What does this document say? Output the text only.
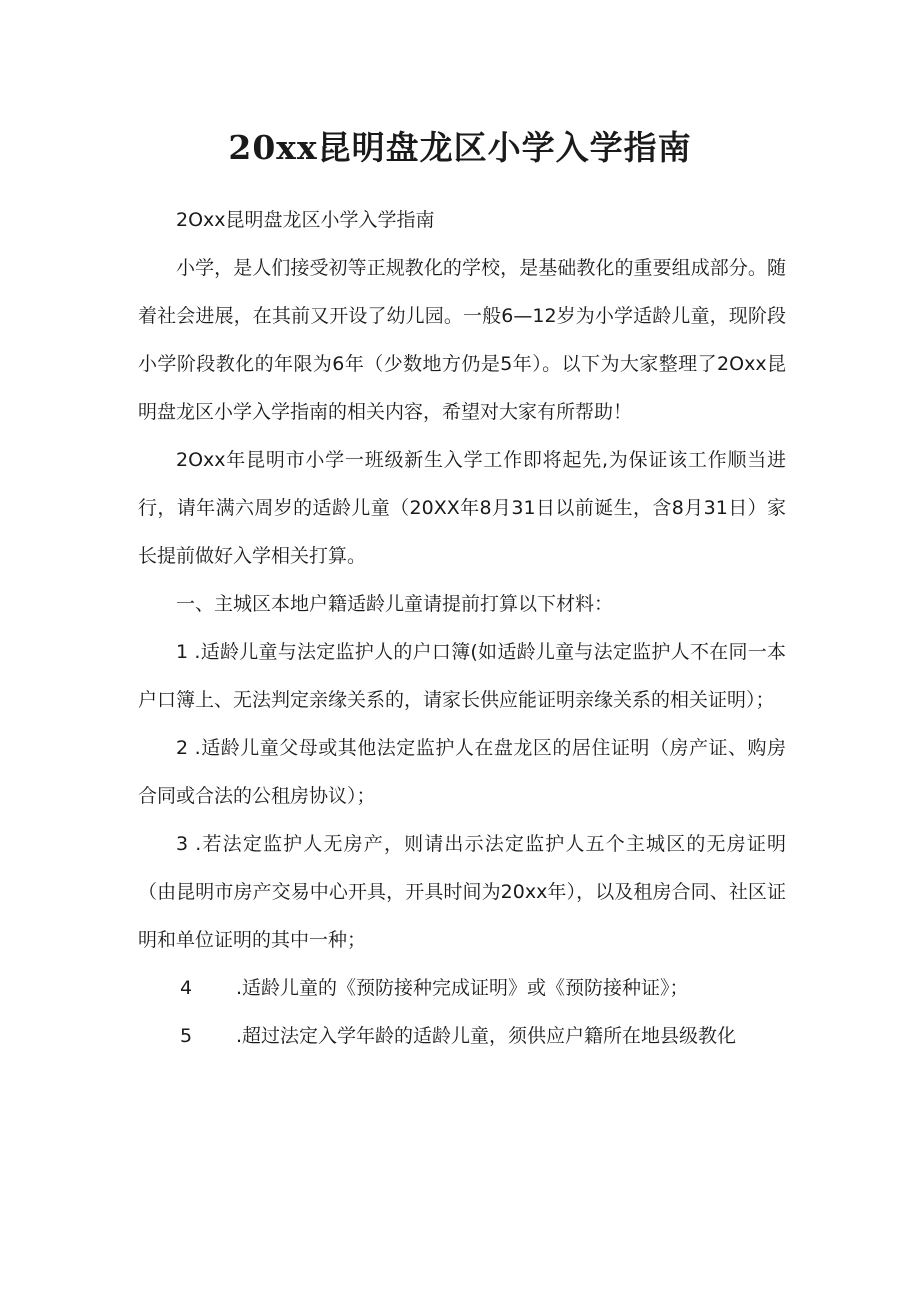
20xx昆明盘龙区小学入学指南

2Oxx昆明盘龙区小学入学指南

小学，是人们接受初等正规教化的学校，是基础教化的重要组成部分。随着社会进展，在其前又开设了幼儿园。一般6—12岁为小学适龄儿童，现阶段小学阶段教化的年限为6年（少数地方仍是5年）。以下为大家整理了2Oxx昆明盘龙区小学入学指南的相关内容，希望对大家有所帮助！

2Oxx年昆明市小学一班级新生入学工作即将起先,为保证该工作顺当进行，请年满六周岁的适龄儿童（20XX年8月31日以前诞生，含8月31日）家长提前做好入学相关打算。

一、主城区本地户籍适龄儿童请提前打算以下材料：

1 .适龄儿童与法定监护人的户口簿(如适龄儿童与法定监护人不在同一本户口簿上、无法判定亲缘关系的，请家长供应能证明亲缘关系的相关证明）；

2 .适龄儿童父母或其他法定监护人在盘龙区的居住证明（房产证、购房合同或合法的公租房协议）；

3 .若法定监护人无房产，则请出示法定监护人五个主城区的无房证明（由昆明市房产交易中心开具，开具时间为20xx年），以及租房合同、社区证明和单位证明的其中一种；

4	.适龄儿童的《预防接种完成证明》或《预防接种证》；
5	.超过法定入学年龄的适龄儿童，须供应户籍所在地县级教化
